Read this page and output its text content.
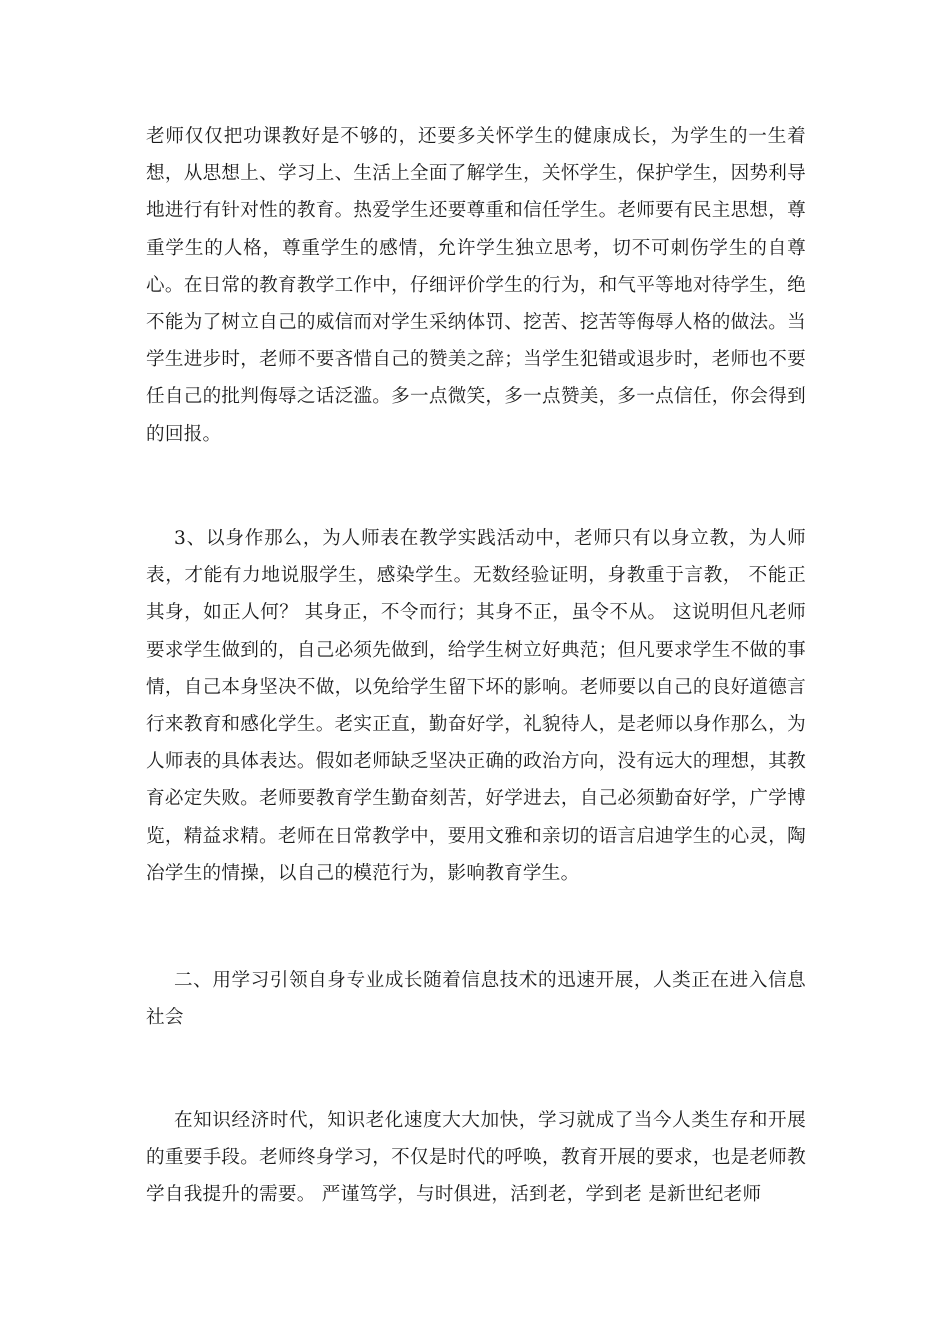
老师仅仅把功课教好是不够的，还要多关怀学生的健康成长，为学生的一生着想，从思想上、学习上、生活上全面了解学生，关怀学生，保护学生，因势利导地进行有针对性的教育。热爱学生还要尊重和信任学生。老师要有民主思想，尊重学生的人格，尊重学生的感情，允许学生独立思考，切不可刺伤学生的自尊心。在日常的教育教学工作中，仔细评价学生的行为，和气平等地对待学生，绝不能为了树立自己的威信而对学生采纳体罚、挖苦、挖苦等侮辱人格的做法。当学生进步时，老师不要吝惜自己的赞美之辞；当学生犯错或退步时，老师也不要任自己的批判侮辱之话泛滥。多一点微笑，多一点赞美，多一点信任，你会得到的回报。

3、以身作那么，为人师表在教学实践活动中，老师只有以身立教，为人师表，才能有力地说服学生，感染学生。无数经验证明，身教重于言教， 不能正其身，如正人何？ 其身正，不令而行；其身不正，虽令不从。 这说明但凡老师要求学生做到的，自己必须先做到，给学生树立好典范；但凡要求学生不做的事情，自己本身坚决不做，以免给学生留下坏的影响。老师要以自己的良好道德言行来教育和感化学生。老实正直，勤奋好学，礼貌待人，是老师以身作那么，为人师表的具体表达。假如老师缺乏坚决正确的政治方向，没有远大的理想，其教育必定失败。老师要教育学生勤奋刻苦，好学进去，自己必须勤奋好学，广学博览，精益求精。老师在日常教学中，要用文雅和亲切的语言启迪学生的心灵，陶冶学生的情操，以自己的模范行为，影响教育学生。

二、用学习引领自身专业成长随着信息技术的迅速开展，人类正在进入信息社会

在知识经济时代，知识老化速度大大加快，学习就成了当今人类生存和开展的重要手段。老师终身学习，不仅是时代的呼唤，教育开展的要求，也是老师教学自我提升的需要。 严谨笃学，与时俱进，活到老，学到老 是新世纪老师
